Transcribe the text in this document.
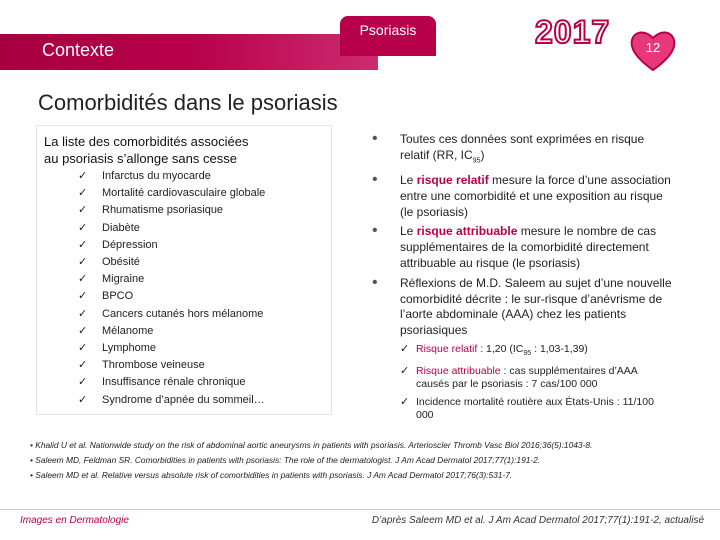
Contexte
Psoriasis	2017	12
Comorbidités dans le psoriasis
La liste des comorbidités associées
au psoriasis s’allonge sans cesse
✓	Infarctus du myocarde
✓	Mortalité cardiovasculaire globale
✓	Rhumatisme psoriasique
✓	Diabète
✓	Dépression
✓	Obésité
✓	Migraine
✓	BPCO
✓	Cancers cutanés hors mélanome
✓	Mélanome
✓	Lymphome
✓	Thrombose veineuse
✓	Insuffisance rénale chronique
✓	Syndrome d’apnée du sommeil…
• Toutes ces données sont exprimées en risque relatif (RR, $IC_{95}$)
• Le risque relatif mesure la force d’une association entre une comorbidité et une exposition au risque (le psoriasis)
• Le risque attribuable mesure le nombre de cas supplémentaires de la comorbidité directement attribuable au risque (le psoriasis)
• Réflexions de M.D. Saleem au sujet d’une nouvelle comorbidité décrite : le sur-risque d’anévrisme de l’aorte abdominale (AAA) chez les patients psoriasiques
✓ Risque relatif : 1,20 ($IC_{95}$ : 1,03-1,39)
✓ Risque attribuable : cas supplémentaires d’AAA causés par le psoriasis : 7 cas/100 000
✓ Incidence mortalité routière aux États-Unis : 11/100 000
• Khalid U et al. Nationwide study on the risk of abdominal aortic aneurysms in patients with psoriasis. Arterioscler Thromb Vasc Biol 2016;36(5):1043-8.
• Saleem MD, Feldman SR. Comorbidities in patients with psoriasis: The role of the dermatologist. J Am Acad Dermatol 2017;77(1):191-2.
• Saleem MD et al. Relative versus absolute risk of comorbidities in patients with psoriasis. J Am Acad Dermatol 2017;76(3):531-7.
Images en Dermatologie	D’après Saleem MD et al. J Am Acad Dermatol 2017;77(1):191-2, actualisé
